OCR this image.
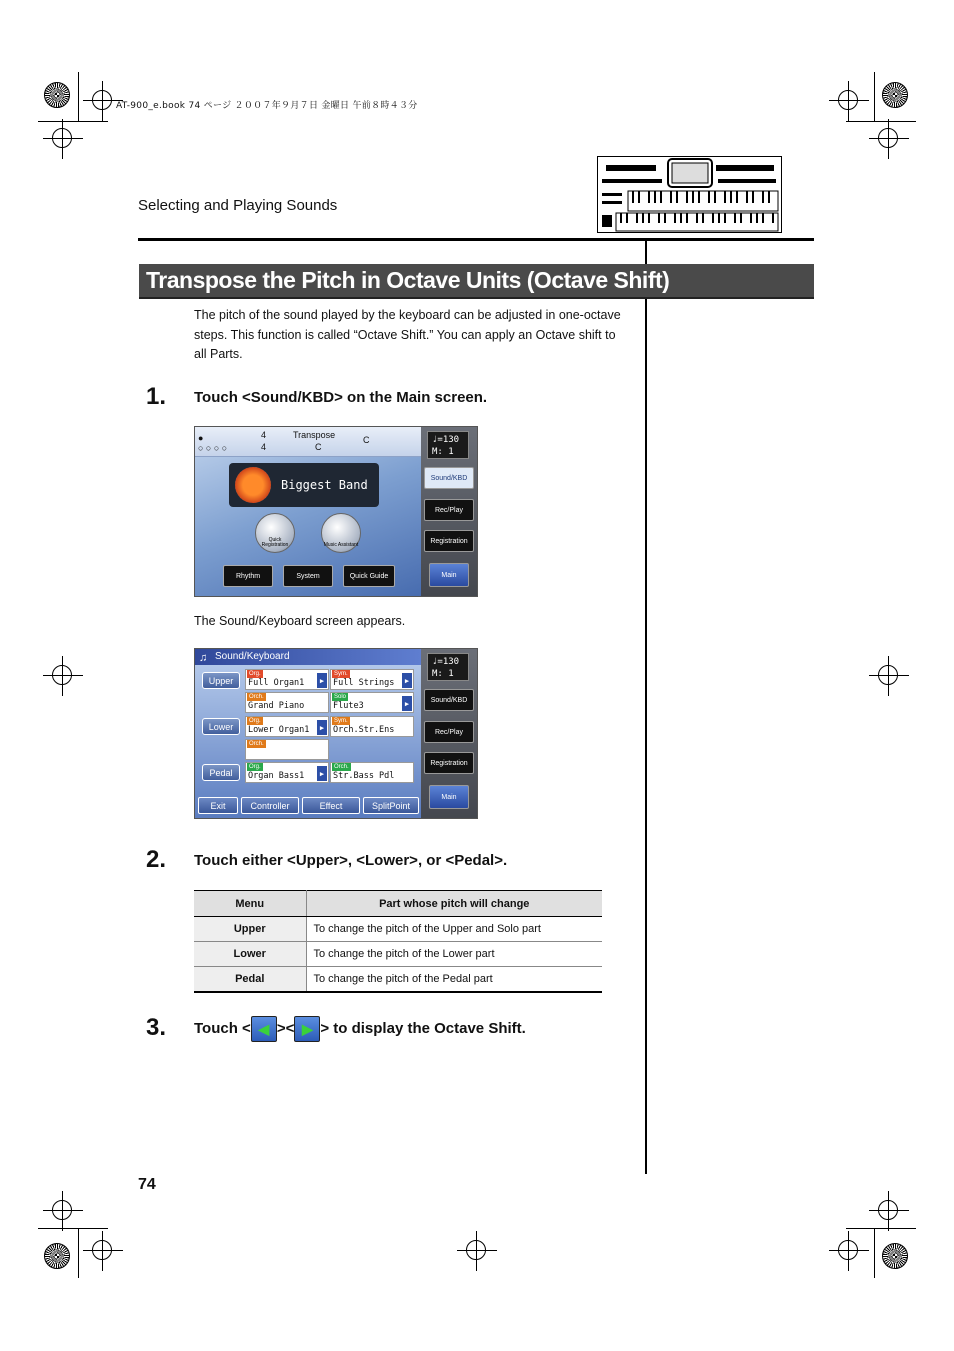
AT-900_e.book 74 ページ ２００７年９月７日 金曜日 午前８時４３分
Selecting and Playing Sounds
Transpose the Pitch in Octave Units (Octave Shift)

The pitch of the sound played by the keyboard can be adjusted in one-octave steps. This function is called “Octave Shift.” You can apply an Octave shift to all Parts.

1. Touch <Sound/KBD> on the Main screen.
●
○ ○ ○ ○
4
4
Transpose
C
C
Biggest Band
Quick Registration	Music Assistant
Rhythm	System	Quick Guide
♩=130
M: 1
Sound/KBD
Rec/Play
Registration
Main
The Sound/Keyboard screen appears.
♫ Sound/Keyboard
Upper
Lower
Pedal
Org.
Full Organ1	▶
Sym.
Full Strings	▶
Orch.
Grand Piano
Solo
Flute3	▶
Org.
Lower Organ1	▶
Sym.
Orch.Str.Ens
Orch.
Org.
Organ Bass1	▶
Orch.
Str.Bass Pdl
Exit	Controller	Effect	SplitPoint
♩=130
M: 1
Sound/KBD
Rec/Play
Registration
Main
2. Touch either <Upper>, <Lower>, or <Pedal>.
Menu	Part whose pitch will change
Upper	To change the pitch of the Upper and Solo part
Lower	To change the pitch of the Lower part
Pedal	To change the pitch of the Pedal part
3. Touch < ◀ >< ▶ > to display the Octave Shift.
74
